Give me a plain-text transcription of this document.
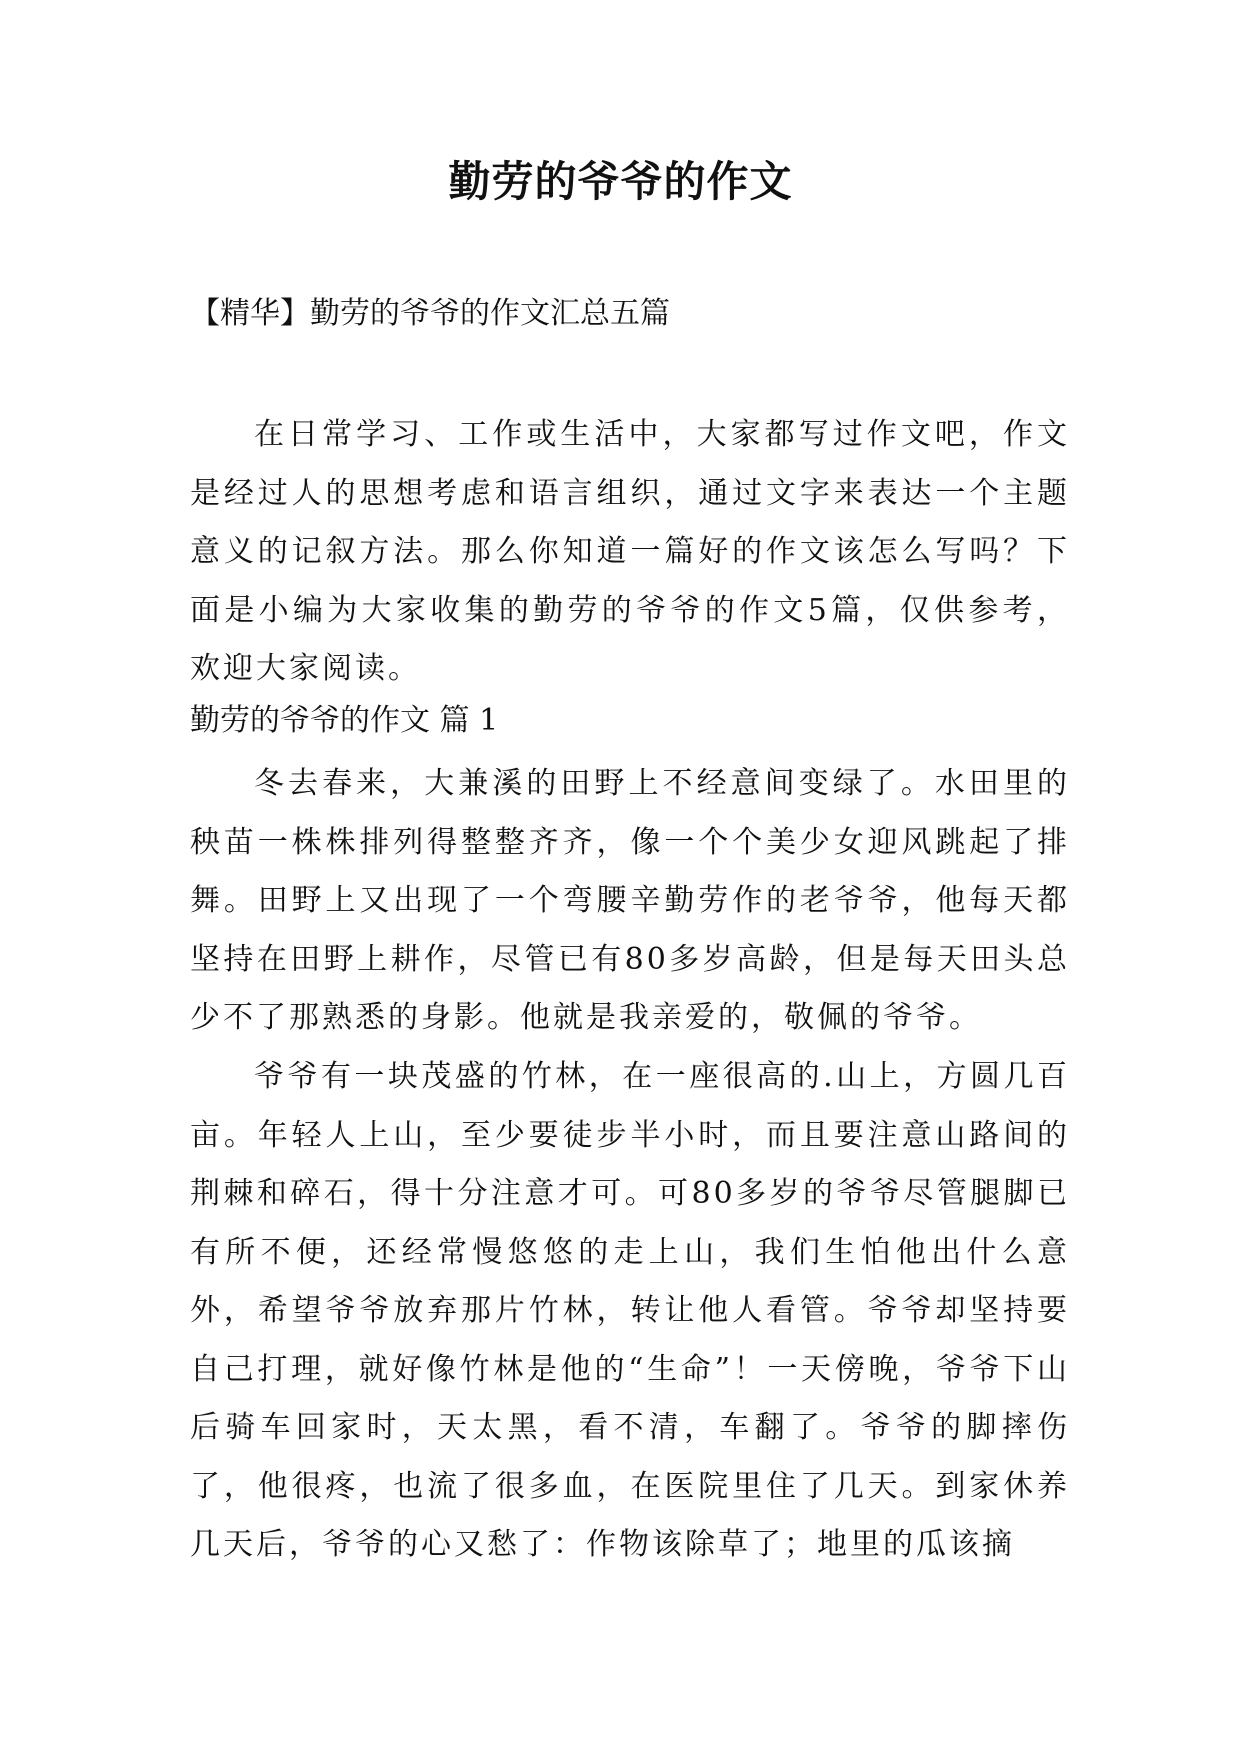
勤劳的爷爷的作文
【精华】勤劳的爷爷的作文汇总五篇

在日常学习、工作或生活中，大家都写过作文吧，作文是经过人的思想考虑和语言组织，通过文字来表达一个主题意义的记叙方法。那么你知道一篇好的作文该怎么写吗？下面是小编为大家收集的勤劳的爷爷的作文5篇，仅供参考，欢迎大家阅读。

勤劳的爷爷的作文 篇 1

冬去春来，大兼溪的田野上不经意间变绿了。水田里的秧苗一株株排列得整整齐齐，像一个个美少女迎风跳起了排舞。田野上又出现了一个弯腰辛勤劳作的老爷爷，他每天都坚持在田野上耕作，尽管已有80多岁高龄，但是每天田头总少不了那熟悉的身影。他就是我亲爱的，敬佩的爷爷。

爷爷有一块茂盛的竹林，在一座很高的.山上，方圆几百亩。年轻人上山，至少要徒步半小时，而且要注意山路间的荆棘和碎石，得十分注意才可。可80多岁的爷爷尽管腿脚已有所不便，还经常慢悠悠的走上山，我们生怕他出什么意外，希望爷爷放弃那片竹林，转让他人看管。爷爷却坚持要自己打理，就好像竹林是他的“生命”！一天傍晚，爷爷下山后骑车回家时，天太黑，看不清，车翻了。爷爷的脚摔伤了，他很疼，也流了很多血，在医院里住了几天。到家休养几天后，爷爷的心又愁了：作物该除草了；地里的瓜该摘
